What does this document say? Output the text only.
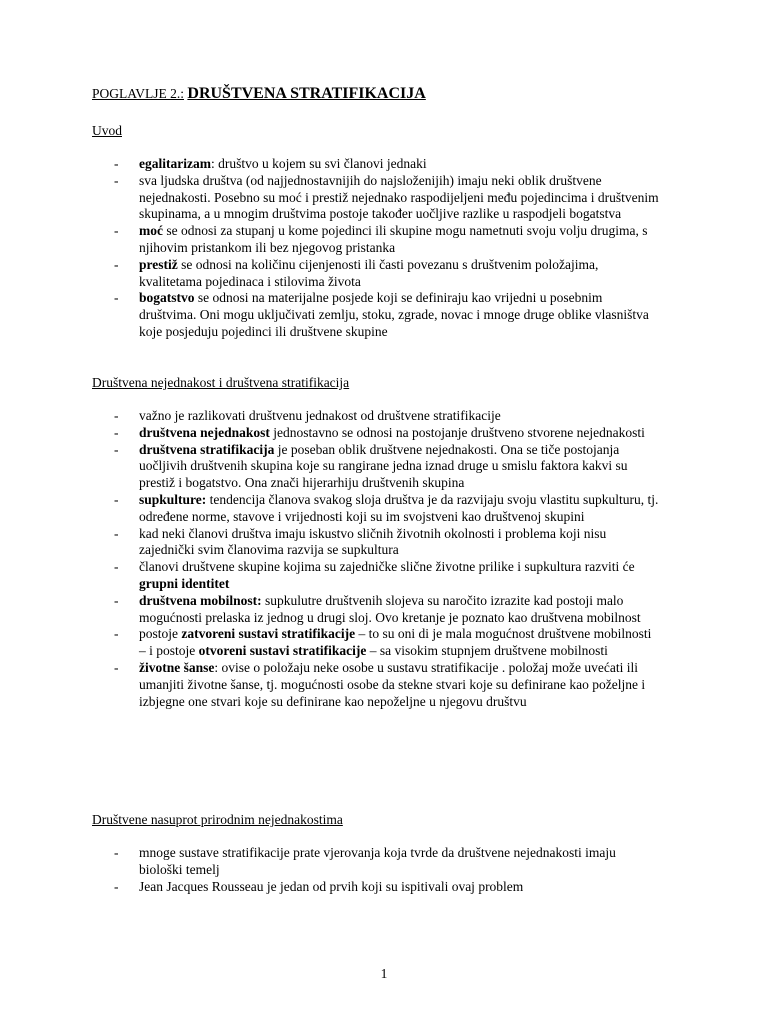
POGLAVLJE 2.: DRUŠTVENA STRATIFIKACIJA
Uvod
- egalitarizam: društvo u kojem su svi članovi jednaki
- sva ljudska društva (od najjednostavnijih do najsloženijih) imaju neki oblik društvene nejednakosti. Posebno su moć i prestiž nejednako raspodijeljeni među pojedincima i društvenim skupinama, a u mnogim društvima postoje također uočljive razlike u raspodjeli bogatstva
- moć se odnosi za stupanj u kome pojedinci ili skupine mogu nametnuti svoju volju drugima, s njihovim pristankom ili bez njegovog pristanka
- prestiž se odnosi na količinu cijenjenosti ili časti povezanu s društvenim položajima, kvalitetama pojedinaca i stilovima života
- bogatstvo se odnosi na materijalne posjede koji se definiraju kao vrijedni u posebnim društvima. Oni mogu uključivati zemlju, stoku, zgrade, novac i mnoge druge oblike vlasništva koje posjeduju pojedinci ili društvene skupine
Društvena nejednakost i društvena stratifikacija
- važno je razlikovati društvenu jednakost od društvene stratifikacije
- društvena nejednakost jednostavno se odnosi na postojanje društveno stvorene nejednakosti
- društvena stratifikacija je poseban oblik društvene nejednakosti. Ona se tiče postojanja uočljivih društvenih skupina koje su rangirane jedna iznad druge u smislu faktora kakvi su prestiž i bogatstvo. Ona znači hijerarhiju društvenih skupina
- supkulture: tendencija članova svakog sloja društva je da razvijaju svoju vlastitu supkulturu, tj. određene norme, stavove i vrijednosti koji su im svojstveni kao društvenoj skupini
- kad neki članovi društva imaju iskustvo sličnih životnih okolnosti i problema koji nisu zajednički svim članovima razvija se supkultura
- članovi društvene skupine kojima su zajedničke slične životne prilike i supkultura razviti će grupni identitet
- društvena mobilnost: supkulutre društvenih slojeva su naročito izrazite kad postoji malo mogućnosti prelaska iz jednog u drugi sloj. Ovo kretanje je poznato kao društvena mobilnost
- postoje zatvoreni sustavi stratifikacije – to su oni di je mala mogućnost društvene mobilnosti – i postoje otvoreni sustavi stratifikacije – sa visokim stupnjem društvene mobilnosti
- životne šanse: ovise o položaju neke osobe u sustavu stratifikacije . položaj može uvećati ili umanjiti životne šanse, tj. mogućnosti osobe da stekne stvari koje su definirane kao poželjne i izbjegne one stvari koje su definirane kao nepoželjne u njegovu društvu
Društvene nasuprot prirodnim nejednakostima
- mnoge sustave stratifikacije prate vjerovanja koja tvrde da društvene nejednakosti imaju biološki temelj
- Jean Jacques Rousseau je jedan od prvih koji su ispitivali ovaj problem
1
